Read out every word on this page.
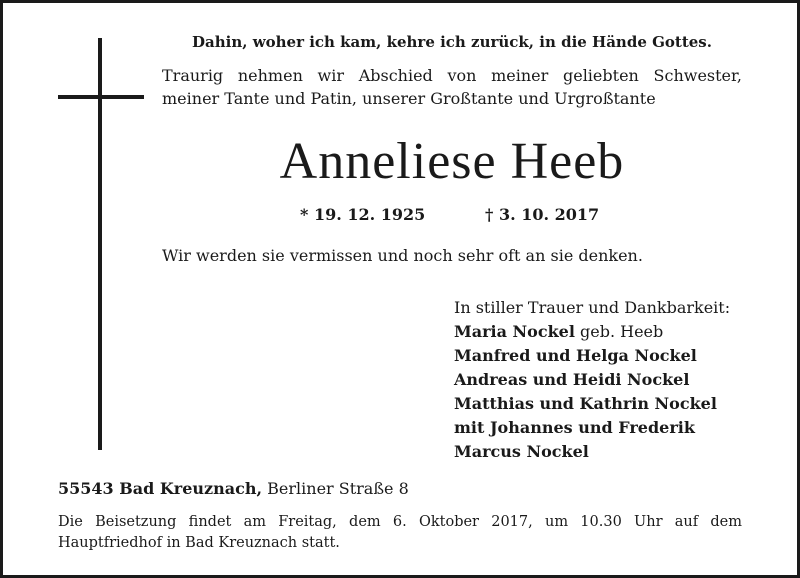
Dahin, woher ich kam, kehre ich zurück, in die Hände Gottes.
Traurig nehmen wir Abschied von meiner geliebten Schwester,
meiner Tante und Patin, unserer Großtante und Urgroßtante
Anneliese Heeb
* 19. 12. 1925	† 3. 10. 2017
Wir werden sie vermissen und noch sehr oft an sie denken.
In stiller Trauer und Dankbarkeit:
Maria Nockel geb. Heeb
Manfred und Helga Nockel
Andreas und Heidi Nockel
Matthias und Kathrin Nockel
mit Johannes und Frederik
Marcus Nockel
55543 Bad Kreuznach, Berliner Straße 8
Die Beisetzung findet am Freitag, dem 6. Oktober 2017, um 10.30 Uhr auf dem
Hauptfriedhof in Bad Kreuznach statt.
